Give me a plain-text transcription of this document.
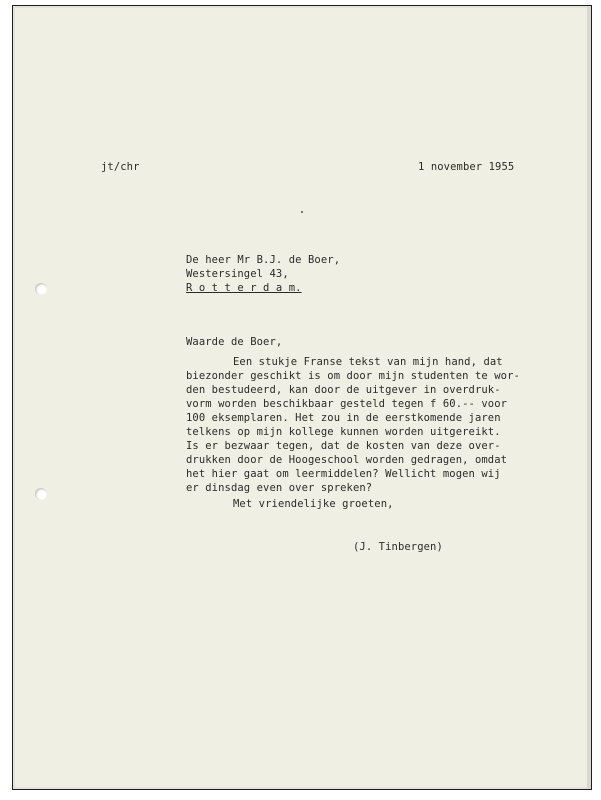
jt/chr	1 november 1955
De heer Mr B.J. de Boer,
Westersingel 43,
R o t t e r d a m.
Waarde de Boer,
Een stukje Franse tekst van mijn hand, dat
biezonder geschikt is om door mijn studenten te wor-
den bestudeerd, kan door de uitgever in overdruk-
vorm worden beschikbaar gesteld tegen f 60.-- voor
100 eksemplaren. Het zou in de eerstkomende jaren
telkens op mijn kollege kunnen worden uitgereikt.
Is er bezwaar tegen, dat de kosten van deze over-
drukken door de Hoogeschool worden gedragen, omdat
het hier gaat om leermiddelen? Wellicht mogen wij
er dinsdag even over spreken?
Met vriendelijke groeten,
(J. Tinbergen)
